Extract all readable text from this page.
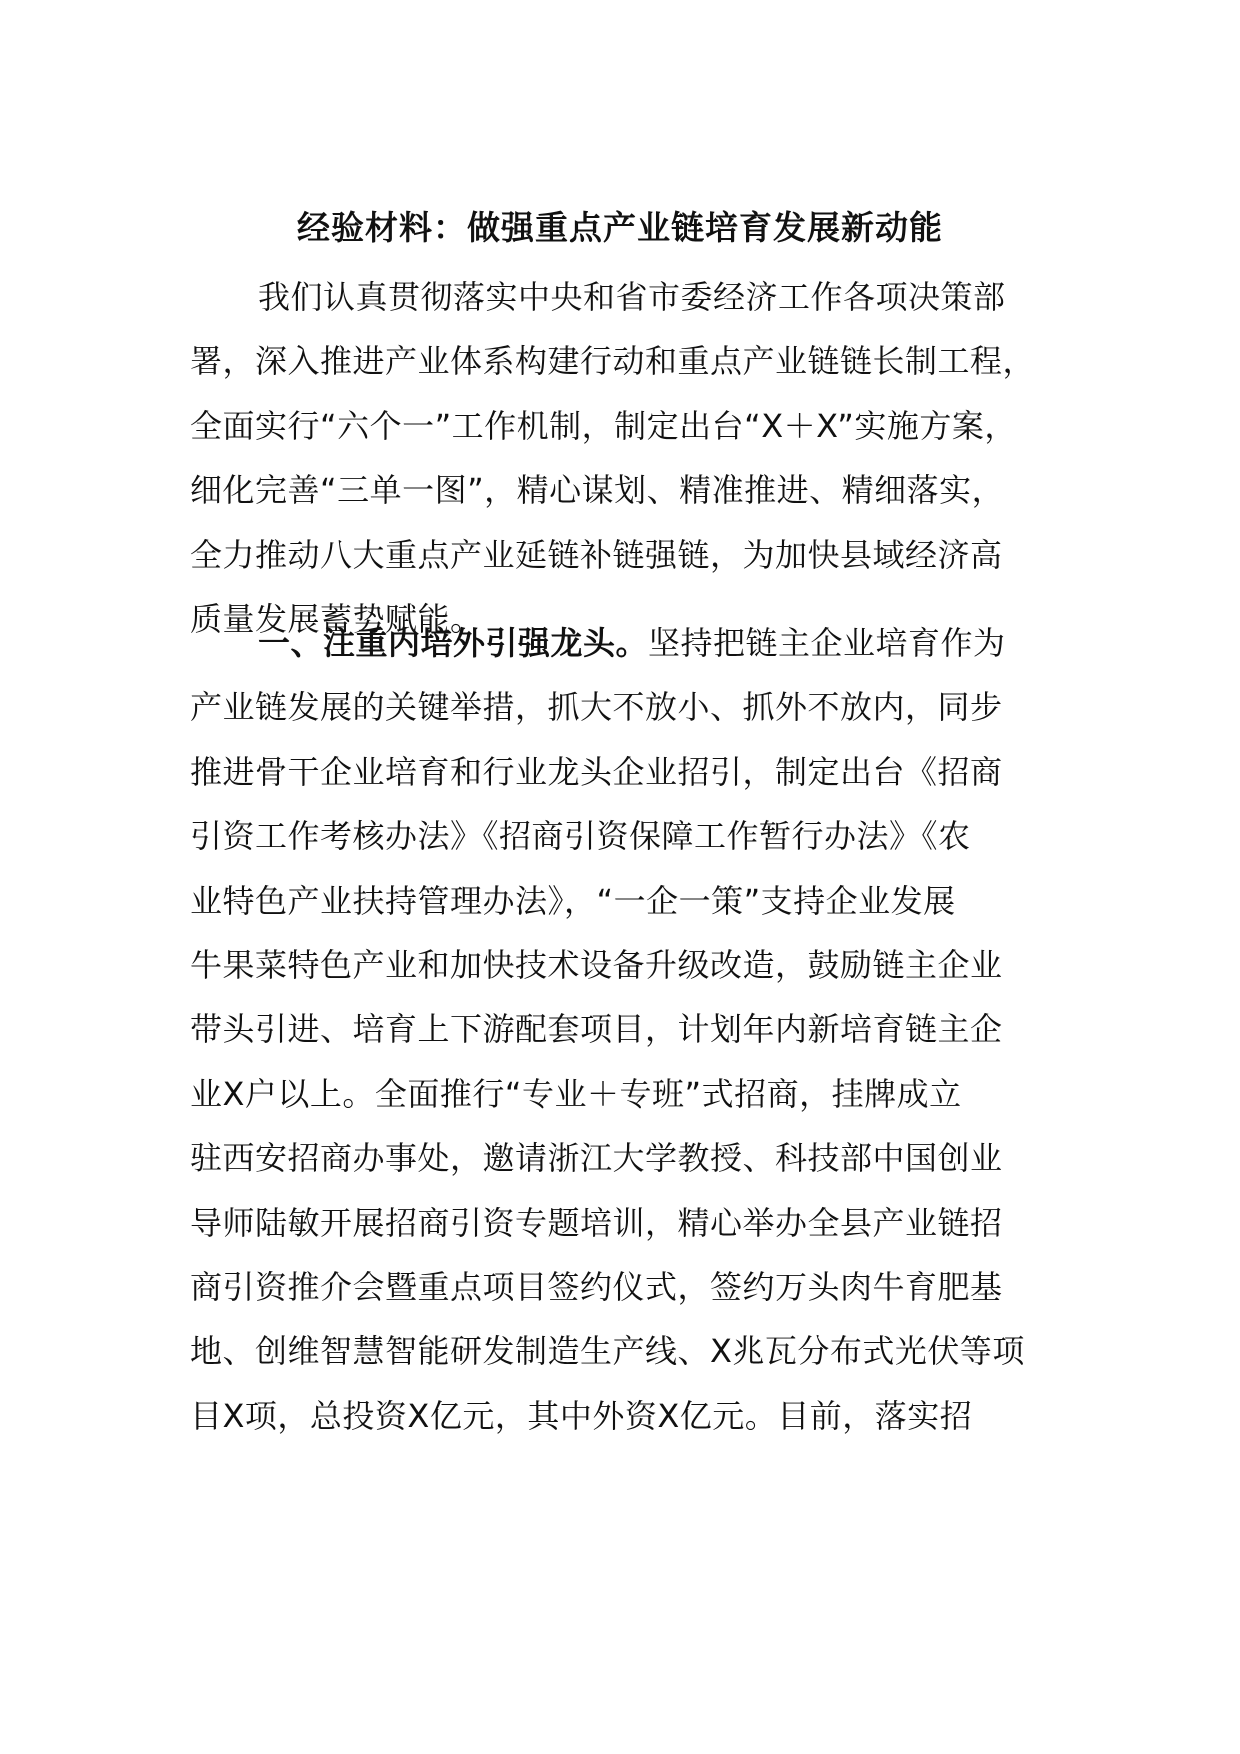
经验材料：做强重点产业链培育发展新动能
我们认真贯彻落实中央和省市委经济工作各项决策部
署，深入推进产业体系构建行动和重点产业链链长制工程，
全面实行“六个一”工作机制，制定出台“X＋X”实施方案，
细化完善“三单一图”，精心谋划、精准推进、精细落实，
全力推动八大重点产业延链补链强链，为加快县域经济高
质量发展蓄势赋能。
一、注重内培外引强龙头。坚持把链主企业培育作为
产业链发展的关键举措，抓大不放小、抓外不放内，同步
推进骨干企业培育和行业龙头企业招引，制定出台《招商
引资工作考核办法》《招商引资保障工作暂行办法》《农
业特色产业扶持管理办法》，“一企一策”支持企业发展
牛果菜特色产业和加快技术设备升级改造，鼓励链主企业
带头引进、培育上下游配套项目，计划年内新培育链主企
业X户以上。全面推行“专业＋专班”式招商，挂牌成立
驻西安招商办事处，邀请浙江大学教授、科技部中国创业
导师陆敏开展招商引资专题培训，精心举办全县产业链招
商引资推介会暨重点项目签约仪式，签约万头肉牛育肥基
地、创维智慧智能研发制造生产线、X兆瓦分布式光伏等项
目X项，总投资X亿元，其中外资X亿元。目前，落实招
